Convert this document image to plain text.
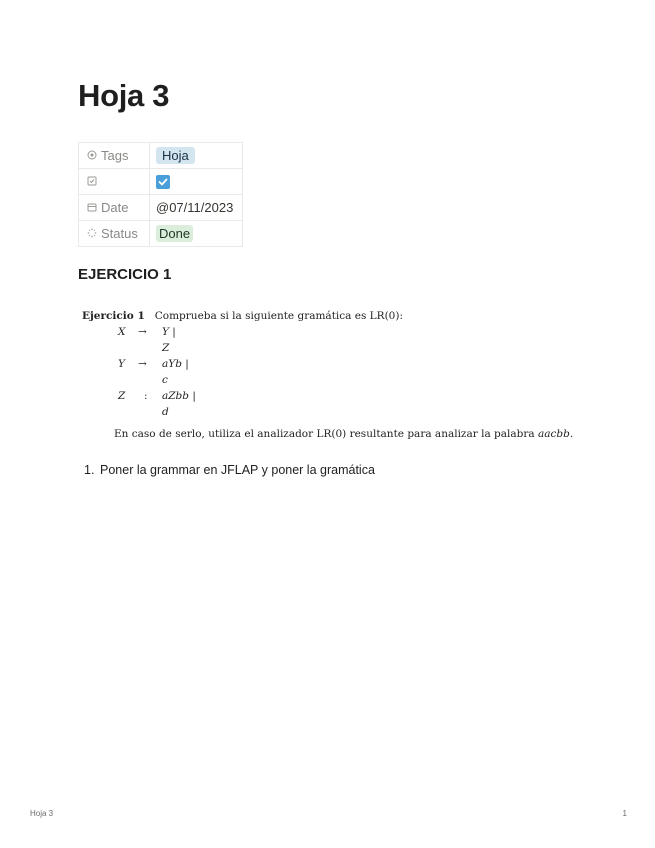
Hoja 3
Tags	Hoja

Date	@07/11/2023
Status	Done
EJERCICIO 1
Ejercicio 1 Comprueba si la siguiente gramática es LR(0):
X → Y |
Z
Y → aYb |
c
Z : aZbb |
d
En caso de serlo, utiliza el analizador LR(0) resultante para analizar la palabra aacbb.
1. Poner la grammar en JFLAP y poner la gramática
Hoja 3	1
